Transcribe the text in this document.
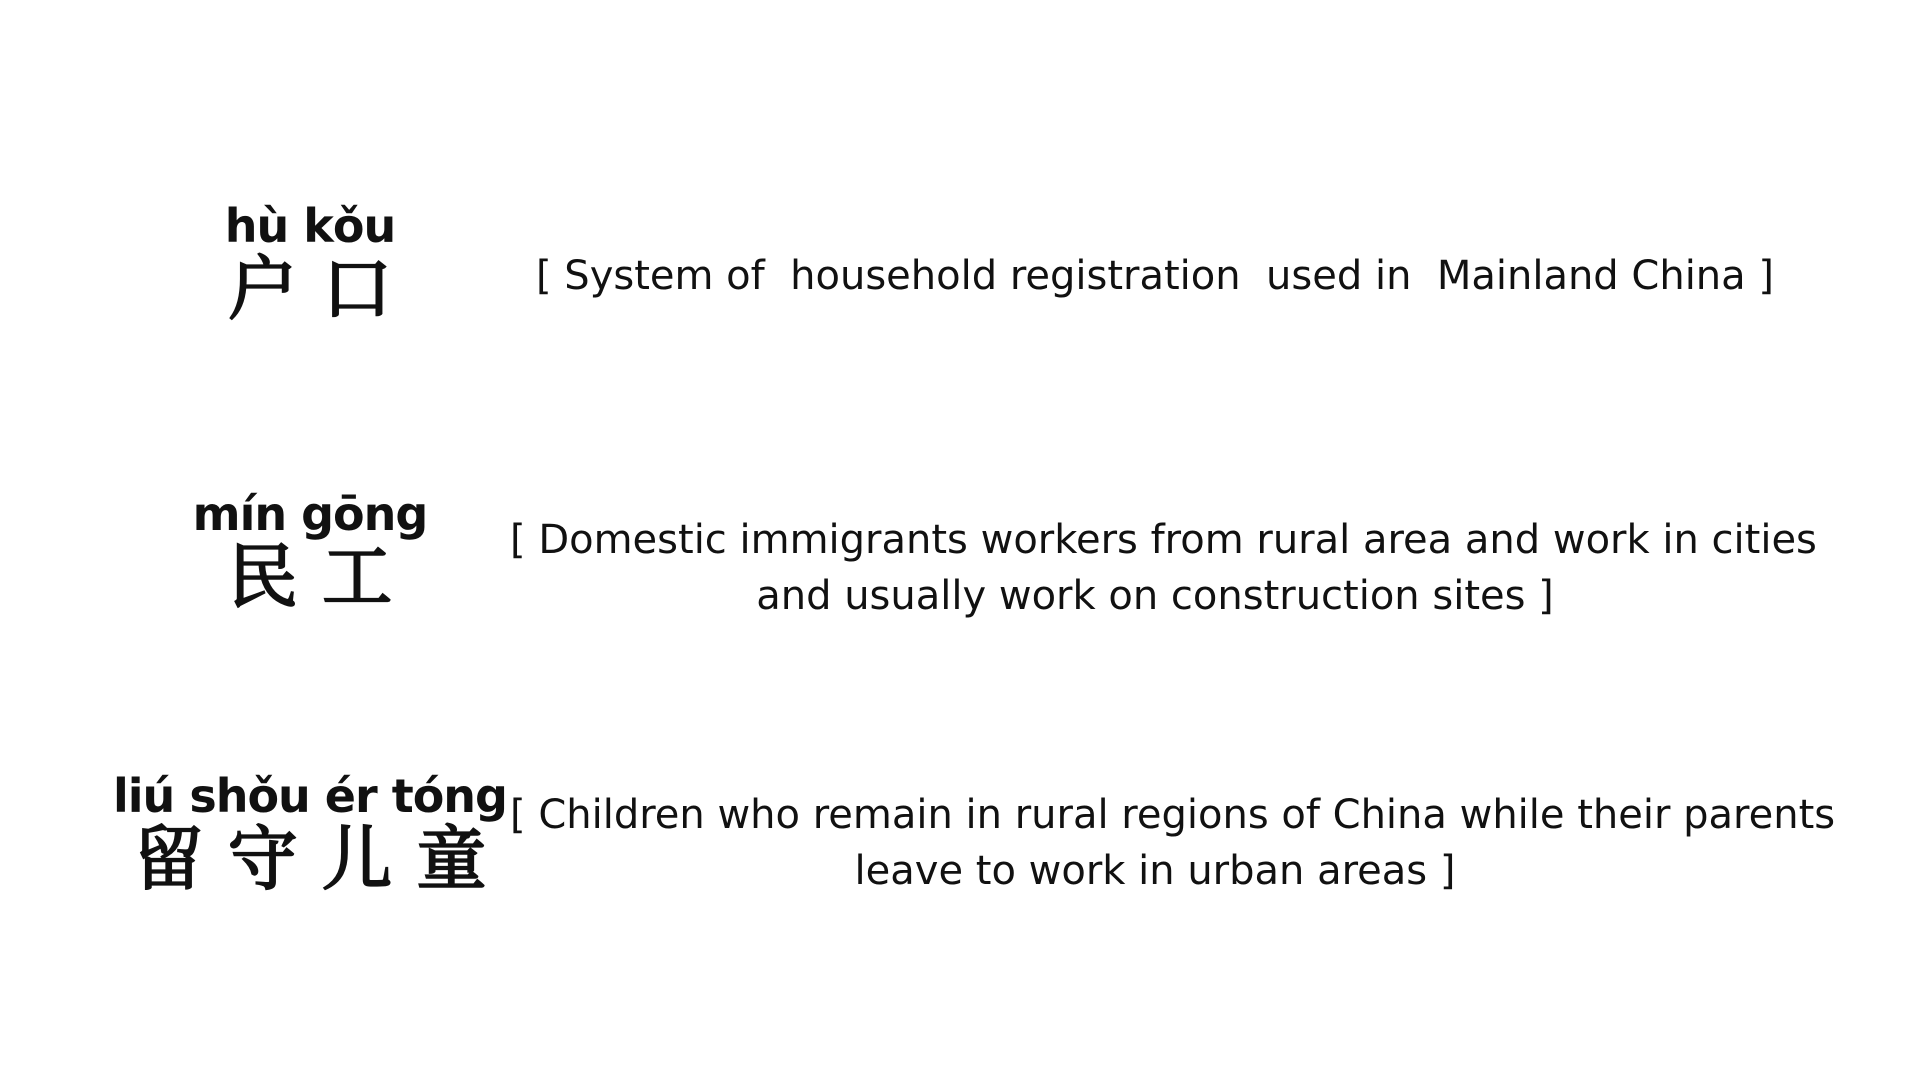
hù kǒu
户 口	[ System of  household registration  used in  Mainland China ]
mín gōng
民 工	[ Domestic immigrants workers from rural area and work in cities
and usually work on construction sites ]
liú shǒu ér tóng
留 守 儿 童
[ Children who remain in rural regions of China while their parents
leave to work in urban areas ]
